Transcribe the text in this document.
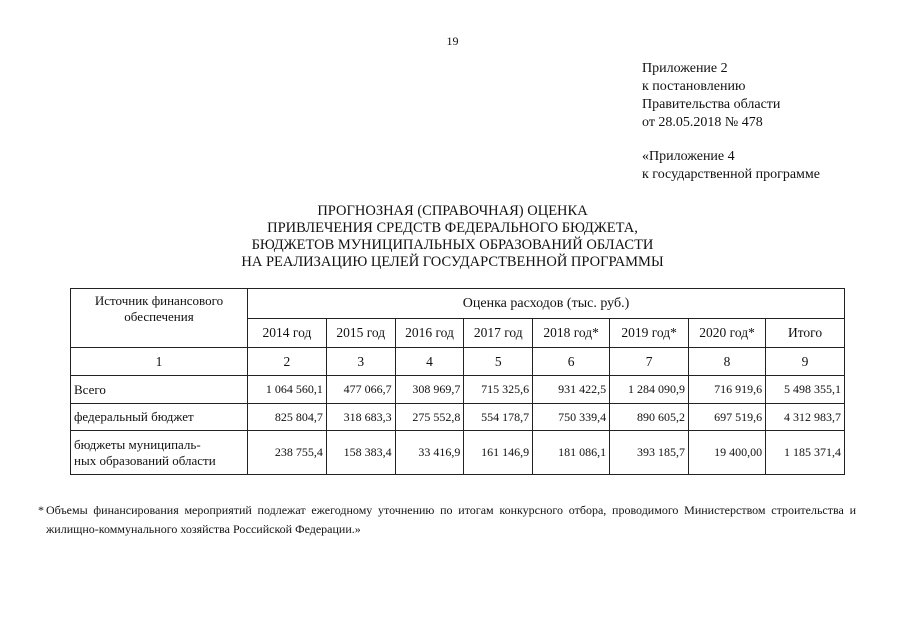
19
Приложение 2
к постановлению
Правительства области
от 28.05.2018 № 478
«Приложение 4
к государственной программе
ПРОГНОЗНАЯ (СПРАВОЧНАЯ) ОЦЕНКА
ПРИВЛЕЧЕНИЯ СРЕДСТВ ФЕДЕРАЛЬНОГО БЮДЖЕТА,
БЮДЖЕТОВ МУНИЦИПАЛЬНЫХ ОБРАЗОВАНИЙ ОБЛАСТИ
НА РЕАЛИЗАЦИЮ ЦЕЛЕЙ ГОСУДАРСТВЕННОЙ ПРОГРАММЫ
Источник финансового обеспечения	Оценка расходов (тыс. руб.)							
	2014 год	2015 год	2016 год	2017 год	2018 год*	2019 год*	2020 год*	Итого
1	2	3	4	5	6	7	8	9
Всего	1 064 560,1	477 066,7	308 969,7	715 325,6	931 422,5	1 284 090,9	716 919,6	5 498 355,1
федеральный бюджет	825 804,7	318 683,3	275 552,8	554 178,7	750 339,4	890 605,2	697 519,6	4 312 983,7

бюджеты муниципаль-
ных образований области	238 755,4	158 383,4	33 416,9	161 146,9	181 086,1	393 185,7	19 400,00	1 185 371,4
* Объемы финансирования мероприятий подлежат ежегодному уточнению по итогам конкурсного отбора, проводимого Министерством строительства и жилищно-коммунального хозяйства Российской Федерации.»
